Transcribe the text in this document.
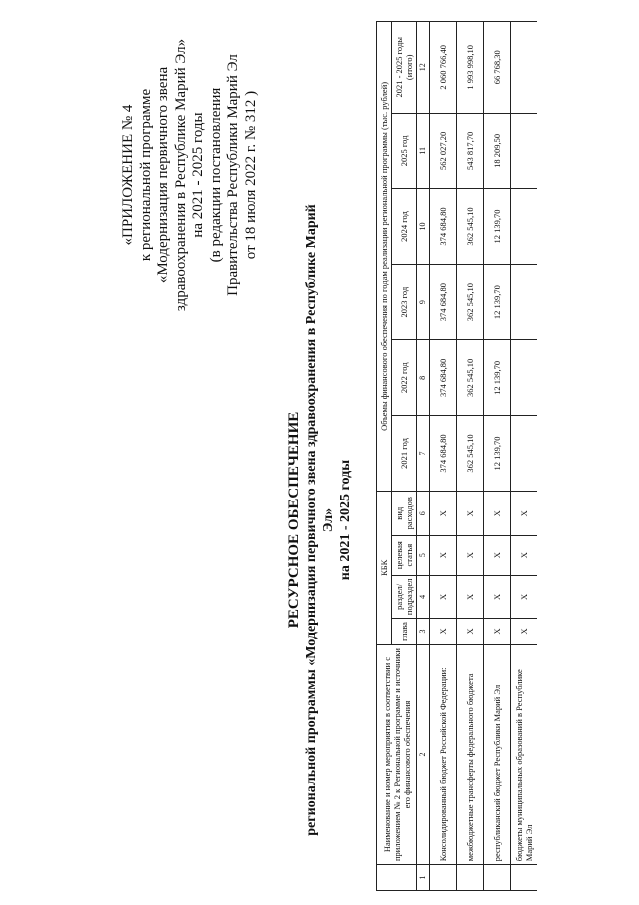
«ПРИЛОЖЕНИЕ № 4 к региональной программе «Модернизация первичного звена здравоохранения в Республике Марий Эл» на 2021 - 2025 годы (в редакции постановления Правительства Республики Марий Эл от 18 июля 2022 г. № 312 )
РЕСУРСНОЕ ОБЕСПЕЧЕНИЕ региональной программы «Модернизация первичного звена здравоохранения в Республике Марий Эл» на 2021 - 2025 годы
	Наименование и номер мероприятия в соответствии с приложением № 2 к Региональной программе и источники его финансового обеспечения	КБК				Объемы финансового обеспечения по годам реализации региональной программы (тыс. рублей)					
		глава	раздел/ подраздел	целевая статья	вид расходов	2021 год	2022 год	2023 год	2024 год	2025 год	2021 - 2025 годы (итого)
1	2	3	4	5	6	7	8	9	10	11	12
	Консолидированный бюджет Российской Федерации:	X	X	X	X	374 684,80	374 684,80	374 684,80	374 684,80	562 027,20	2 060 766,40
	межбюджетные трансферты федерального бюджета	X	X	X	X	362 545,10	362 545,10	362 545,10	362 545,10	543 817,70	1 993 998,10
	республиканский бюджет Республики Марий Эл	X	X	X	X	12 139,70	12 139,70	12 139,70	12 139,70	18 209,50	66 768,30
	бюджеты муниципальных образований в Республике Марий Эл	X	X	X	X						
